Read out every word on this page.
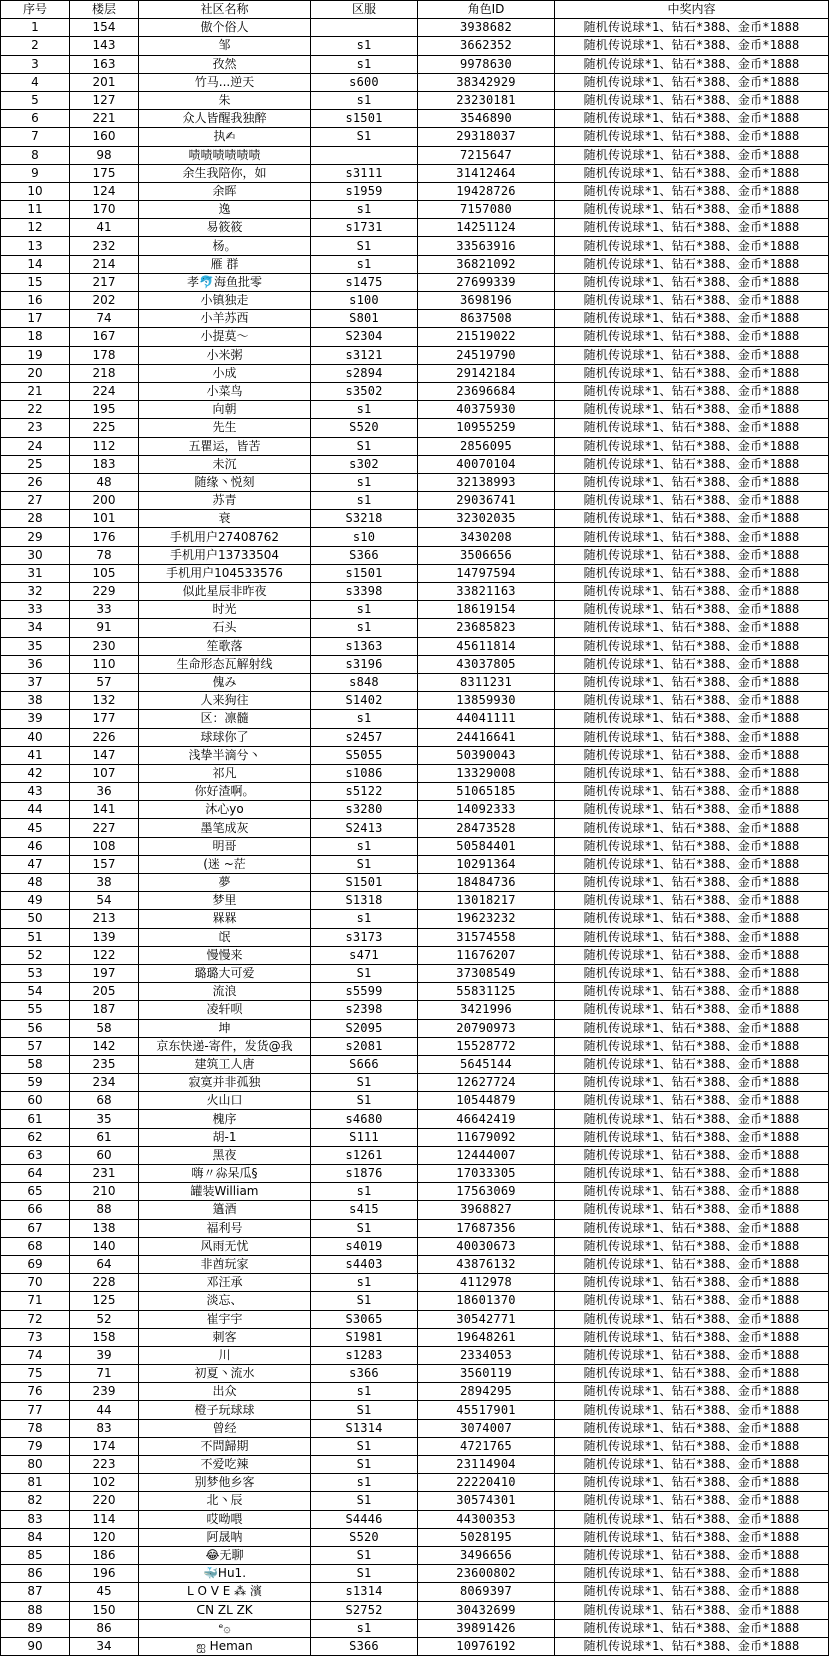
序号	楼层	社区名称	区服	角色ID	中奖内容
1	154	傲个俗人		3938682	随机传说球*1、钻石*388、金币*1888
2	143	邹	s1	3662352	随机传说球*1、钻石*388、金币*1888
3	163	孜然	s1	9978630	随机传说球*1、钻石*388、金币*1888
4	201	竹马...逆天	s600	38342929	随机传说球*1、钻石*388、金币*1888
5	127	朱	s1	23230181	随机传说球*1、钻石*388、金币*1888
6	221	众人皆醒我独醉	s1501	3546890	随机传说球*1、钻石*388、金币*1888
7	160	执✍	S1	29318037	随机传说球*1、钻石*388、金币*1888
8	98	啧啧啧啧啧啧		7215647	随机传说球*1、钻石*388、金币*1888
9	175	余生我陪你，如	s3111	31412464	随机传说球*1、钻石*388、金币*1888
10	124	余晖	s1959	19428726	随机传说球*1、钻石*388、金币*1888
11	170	逸	s1	7157080	随机传说球*1、钻石*388、金币*1888
12	41	易筱筱	s1731	14251124	随机传说球*1、钻石*388、金币*1888
13	232	杨。	S1	33563916	随机传说球*1、钻石*388、金币*1888
14	214	雁 群	s1	36821092	随机传说球*1、钻石*388、金币*1888
15	217	孝🐬海鱼批零	s1475	27699339	随机传说球*1、钻石*388、金币*1888
16	202	小镇独走	s100	3698196	随机传说球*1、钻石*388、金币*1888
17	74	小羊苏西	S801	8637508	随机传说球*1、钻石*388、金币*1888
18	167	小提莫～	S2304	21519022	随机传说球*1、钻石*388、金币*1888
19	178	小米粥	s3121	24519790	随机传说球*1、钻石*388、金币*1888
20	218	小成	s2894	29142184	随机传说球*1、钻石*388、金币*1888
21	224	小菜鸟	s3502	23696684	随机传说球*1、钻石*388、金币*1888
22	195	向朝	s1	40375930	随机传说球*1、钻石*388、金币*1888
23	225	先生	S520	10955259	随机传说球*1、钻石*388、金币*1888
24	112	五瞿运，皆苦	S1	2856095	随机传说球*1、钻石*388、金币*1888
25	183	未沉	s302	40070104	随机传说球*1、钻石*388、金币*1888
26	48	随缘丶悦刻	s1	32138993	随机传说球*1、钻石*388、金币*1888
27	200	苏青	s1	29036741	随机传说球*1、钻石*388、金币*1888
28	101	衰	S3218	32302035	随机传说球*1、钻石*388、金币*1888
29	176	手机用户27408762	s10	3430208	随机传说球*1、钻石*388、金币*1888
30	78	手机用户13733504	S366	3506656	随机传说球*1、钻石*388、金币*1888
31	105	手机用户104533576	s1501	14797594	随机传说球*1、钻石*388、金币*1888
32	229	似此星辰非昨夜	s3398	33821163	随机传说球*1、钻石*388、金币*1888
33	33	时光	s1	18619154	随机传说球*1、钻石*388、金币*1888
34	91	石头	s1	23685823	随机传说球*1、钻石*388、金币*1888
35	230	笙歌落	s1363	45611814	随机传说球*1、钻石*388、金币*1888
36	110	生命形态瓦解射线	s3196	43037805	随机传说球*1、钻石*388、金币*1888
37	57	傀み	s848	8311231	随机传说球*1、钻石*388、金币*1888
38	132	人来狗往	S1402	13859930	随机传说球*1、钻石*388、金币*1888
39	177	区：凛髓	s1	44041111	随机传说球*1、钻石*388、金币*1888
40	226	球球你了	s2457	24416641	随机传说球*1、钻石*388、金币*1888
41	147	浅挚半滴兮丶	S5055	50390043	随机传说球*1、钻石*388、金币*1888
42	107	祁凡	s1086	13329008	随机传说球*1、钻石*388、金币*1888
43	36	你好渣啊。	s5122	51065185	随机传说球*1、钻石*388、金币*1888
44	141	沐心yo	s3280	14092333	随机传说球*1、钻石*388、金币*1888
45	227	墨笔成灰	S2413	28473528	随机传说球*1、钻石*388、金币*1888
46	108	明哥	s1	50584401	随机传说球*1、钻石*388、金币*1888
47	157	(迷 ~茫	S1	10291364	随机传说球*1、钻石*388、金币*1888
48	38	夢	S1501	18484736	随机传说球*1、钻石*388、金币*1888
49	54	梦里	S1318	13018217	随机传说球*1、钻石*388、金币*1888
50	213	槑槑	s1	19623232	随机传说球*1、钻石*388、金币*1888
51	139	氓	s3173	31574558	随机传说球*1、钻石*388、金币*1888
52	122	慢慢来	s471	11676207	随机传说球*1、钻石*388、金币*1888
53	197	璐璐大可爱	S1	37308549	随机传说球*1、钻石*388、金币*1888
54	205	流浪	s5599	55831125	随机传说球*1、钻石*388、金币*1888
55	187	凌轩呗	s2398	3421996	随机传说球*1、钻石*388、金币*1888
56	58	坤	S2095	20790973	随机传说球*1、钻石*388、金币*1888
57	142	京东快递-寄件，发货@我	s2081	15528772	随机传说球*1、钻石*388、金币*1888
58	235	建筑工人唐	S666	5645144	随机传说球*1、钻石*388、金币*1888
59	234	寂寞并非孤独	S1	12627724	随机传说球*1、钻石*388、金币*1888
60	68	火山口	S1	10544879	随机传说球*1、钻石*388、金币*1888
61	35	槐序	s4680	46642419	随机传说球*1、钻石*388、金币*1888
62	61	胡-1	S111	11679092	随机传说球*1、钻石*388、金币*1888
63	60	黑夜	s1261	12444007	随机传说球*1、钻石*388、金币*1888
64	231	嗨〃尛呆瓜§	s1876	17033305	随机传说球*1、钻石*388、金币*1888
65	210	罐装William	s1	17563069	随机传说球*1、钻石*388、金币*1888
66	88	簻酒	s415	3968827	随机传说球*1、钻石*388、金币*1888
67	138	福利号	S1	17687356	随机传说球*1、钻石*388、金币*1888
68	140	风雨无忧	s4019	40030673	随机传说球*1、钻石*388、金币*1888
69	64	非酋玩家	s4403	43876132	随机传说球*1、钻石*388、金币*1888
70	228	邓汪承	s1	4112978	随机传说球*1、钻石*388、金币*1888
71	125	淡忘、	S1	18601370	随机传说球*1、钻石*388、金币*1888
72	52	崔宇宇	S3065	30542771	随机传说球*1、钻石*388、金币*1888
73	158	刺客	S1981	19648261	随机传说球*1、钻石*388、金币*1888
74	39	川	s1283	2334053	随机传说球*1、钻石*388、金币*1888
75	71	初夏丶流水	s366	3560119	随机传说球*1、钻石*388、金币*1888
76	239	出众	s1	2894295	随机传说球*1、钻石*388、金币*1888
77	44	橙子玩球球	S1	45517901	随机传说球*1、钻石*388、金币*1888
78	83	曾经	S1314	3074007	随机传说球*1、钻石*388、金币*1888
79	174	不問歸期	S1	4721765	随机传说球*1、钻石*388、金币*1888
80	223	不爱吃辣	S1	23114904	随机传说球*1、钻石*388、金币*1888
81	102	别梦他乡客	s1	22220410	随机传说球*1、钻石*388、金币*1888
82	220	北丶辰	S1	30574301	随机传说球*1、钻石*388、金币*1888
83	114	哎呦喂	S4446	44300353	随机传说球*1、钻石*388、金币*1888
84	120	阿晟呐	S520	5028195	随机传说球*1、钻石*388、金币*1888
85	186	😂无聊	S1	3496656	随机传说球*1、钻石*388、金币*1888
86	196	🐳Hu1.	S1	23600802	随机传说球*1、钻石*388、金币*1888
87	45	L O V E ⁂ 濱	s1314	8069397	随机传说球*1、钻石*388、金币*1888
88	150	ᑕN ZL ZK	S2752	30432699	随机传说球*1、钻石*388、金币*1888
89	86	ᵉ۞	s1	39891426	随机传说球*1、钻石*388、金币*1888
90	34	ஐ Heman	S366	10976192	随机传说球*1、钻石*388、金币*1888
